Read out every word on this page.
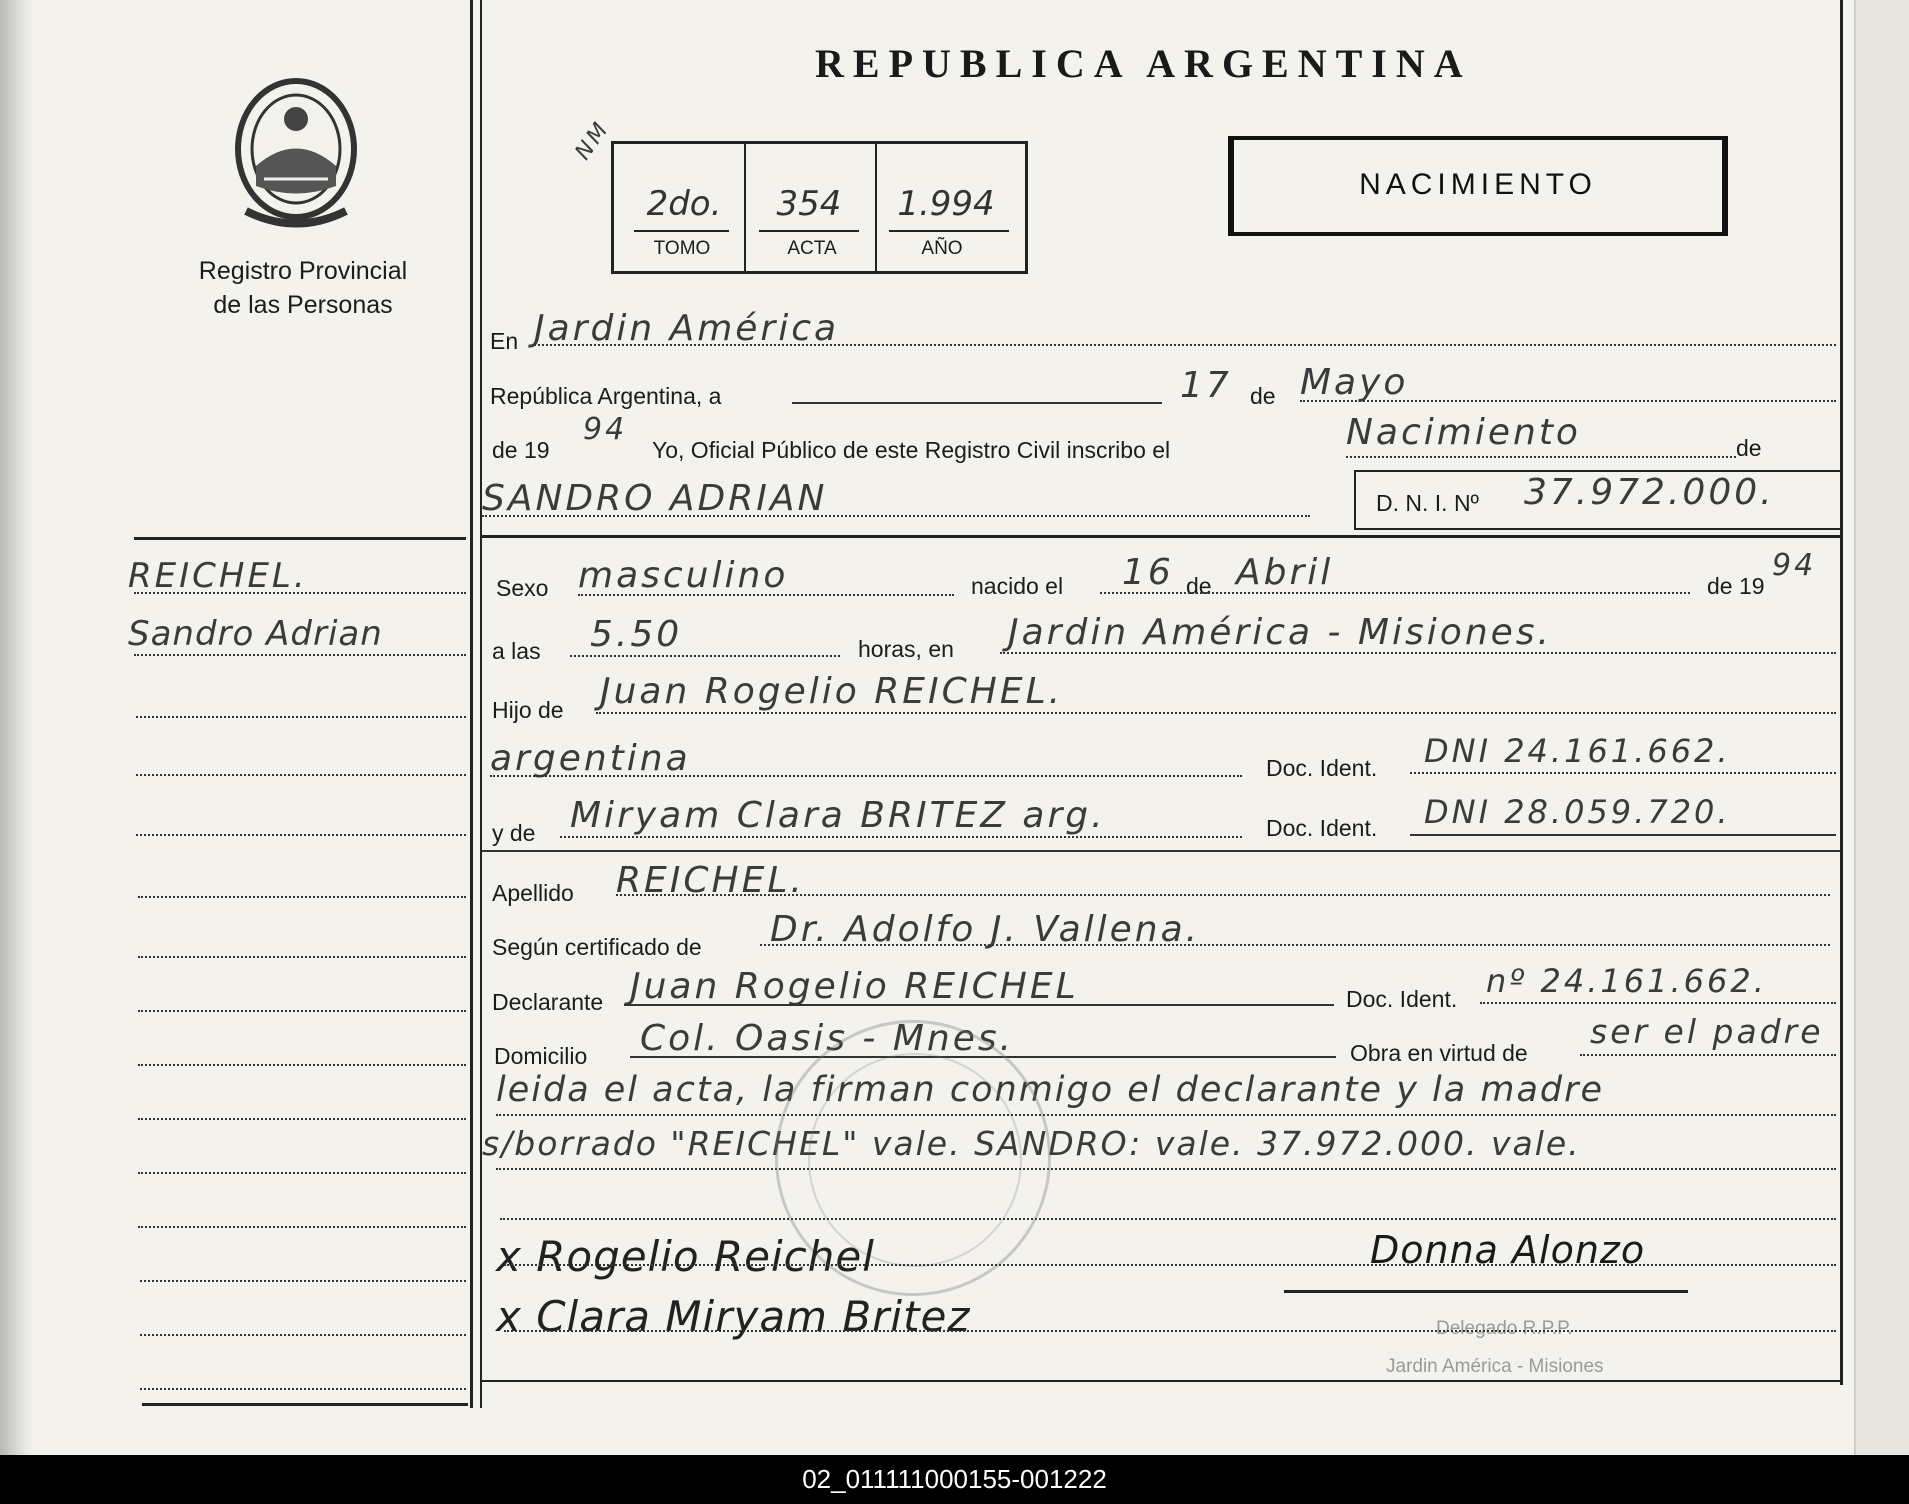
Registro Provincial
de las Personas
REPUBLICA ARGENTINA
NM
2do.	354	1.994
TOMO	ACTA	AÑO
NACIMIENTO
En Jardin América
República Argentina, a	17 de Mayo
de 19
94
Yo, Oficial Público de este Registro Civil inscribo el	Nacimiento	de
SANDRO ADRIAN	D. N. I. Nº 37.972.000.
Sexo masculino	nacido el 16 de Abril	de 19
94
a las 5.50	horas, en Jardin América - Misiones.
Hijo de Juan Rogelio REICHEL.
argentina	Doc. Ident. DNI 24.161.662.
y de Miryam Clara BRITEZ arg.	Doc. Ident. DNI 28.059.720.
Apellido REICHEL.
Según certificado de Dr. Adolfo J. Vallena.
Declarante Juan Rogelio REICHEL	Doc. Ident. nº 24.161.662.
Domicilio Col. Oasis - Mnes.	Obra en virtud de
ser el padre
leida el acta, la firman conmigo el declarante y la madre
s/borrado "REICHEL" vale. SANDRO: vale. 37.972.000. vale.
x Rogelio Reichel
x Clara Miryam Britez
Donna Alonzo
Delegado R.P.P.
Jardin América - Misiones
REICHEL.
Sandro Adrian
02_011111000155-001222
